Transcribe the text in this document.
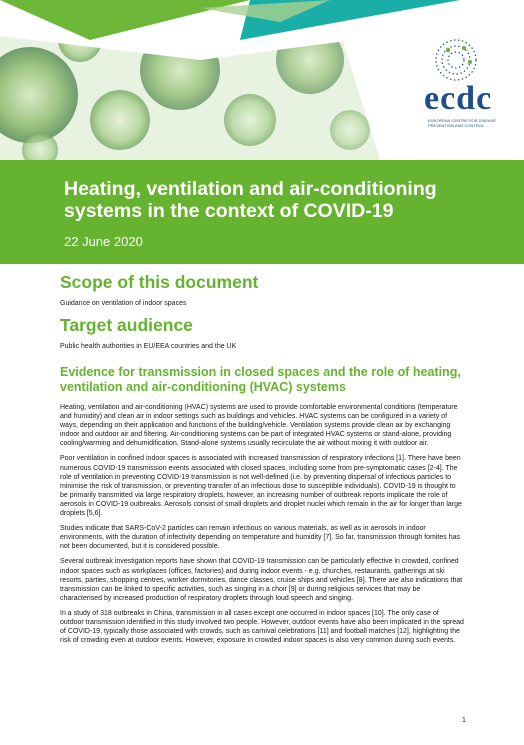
ecdc
EUROPEAN CENTRE FOR DISEASE PREVENTION AND CONTROL
Heating, ventilation and air-conditioning systems in the context of COVID-19
22 June 2020
Scope of this document

Guidance on ventilation of indoor spaces

Target audience

Public health authorities in EU/EEA countries and the UK

Evidence for transmission in closed spaces and the role of heating, ventilation and air-conditioning (HVAC) systems

Heating, ventilation and air-conditioning (HVAC) systems are used to provide comfortable environmental conditions (temperature and humidity) and clean air in indoor settings such as buildings and vehicles. HVAC systems can be configured in a variety of ways, depending on their application and functions of the building/vehicle. Ventilation systems provide clean air by exchanging indoor and outdoor air and filtering. Air-conditioning systems can be part of integrated HVAC systems or stand-alone, providing cooling/warming and dehumidification. Stand-alone systems usually recirculate the air without mixing it with outdoor air.

Poor ventilation in confined indoor spaces is associated with increased transmission of respiratory infections [1]. There have been numerous COVID-19 transmission events associated with closed spaces, including some from pre-symptomatic cases [2-4]. The role of ventilation in preventing COVID-19 transmission is not well-defined (i.e. by preventing dispersal of infectious particles to minimise the risk of transmission, or preventing transfer of an infectious dose to susceptible individuals). COVID-19 is thought to be primarily transmitted via large respiratory droplets, however, an increasing number of outbreak reports implicate the role of aerosols in COVID-19 outbreaks. Aerosols consist of small droplets and droplet nuclei which remain in the air for longer than large droplets [5,6].

Studies indicate that SARS-CoV-2 particles can remain infectious on various materials, as well as in aerosols in indoor environments, with the duration of infectivity depending on temperature and humidity [7]. So far, transmission through fomites has not been documented, but it is considered possible.

Several outbreak investigation reports have shown that COVID-19 transmission can be particularly effective in crowded, confined indoor spaces such as workplaces (offices, factories) and during indoor events - e.g. churches, restaurants, gatherings at ski resorts, parties, shopping centres, worker dormitories, dance classes, cruise ships and vehicles [8]. There are also indications that transmission can be linked to specific activities, such as singing in a choir [9] or during religious services that may be characterised by increased production of respiratory droplets through loud speech and singing.

In a study of 318 outbreaks in China, transmission in all cases except one occurred in indoor spaces [10]. The only case of outdoor transmission identified in this study involved two people. However, outdoor events have also been implicated in the spread of COVID-19, typically those associated with crowds, such as carnival celebrations [11] and football matches [12], highlighting the risk of crowding even at outdoor events. However, exposure in crowded indoor spaces is also very common during such events.

1
